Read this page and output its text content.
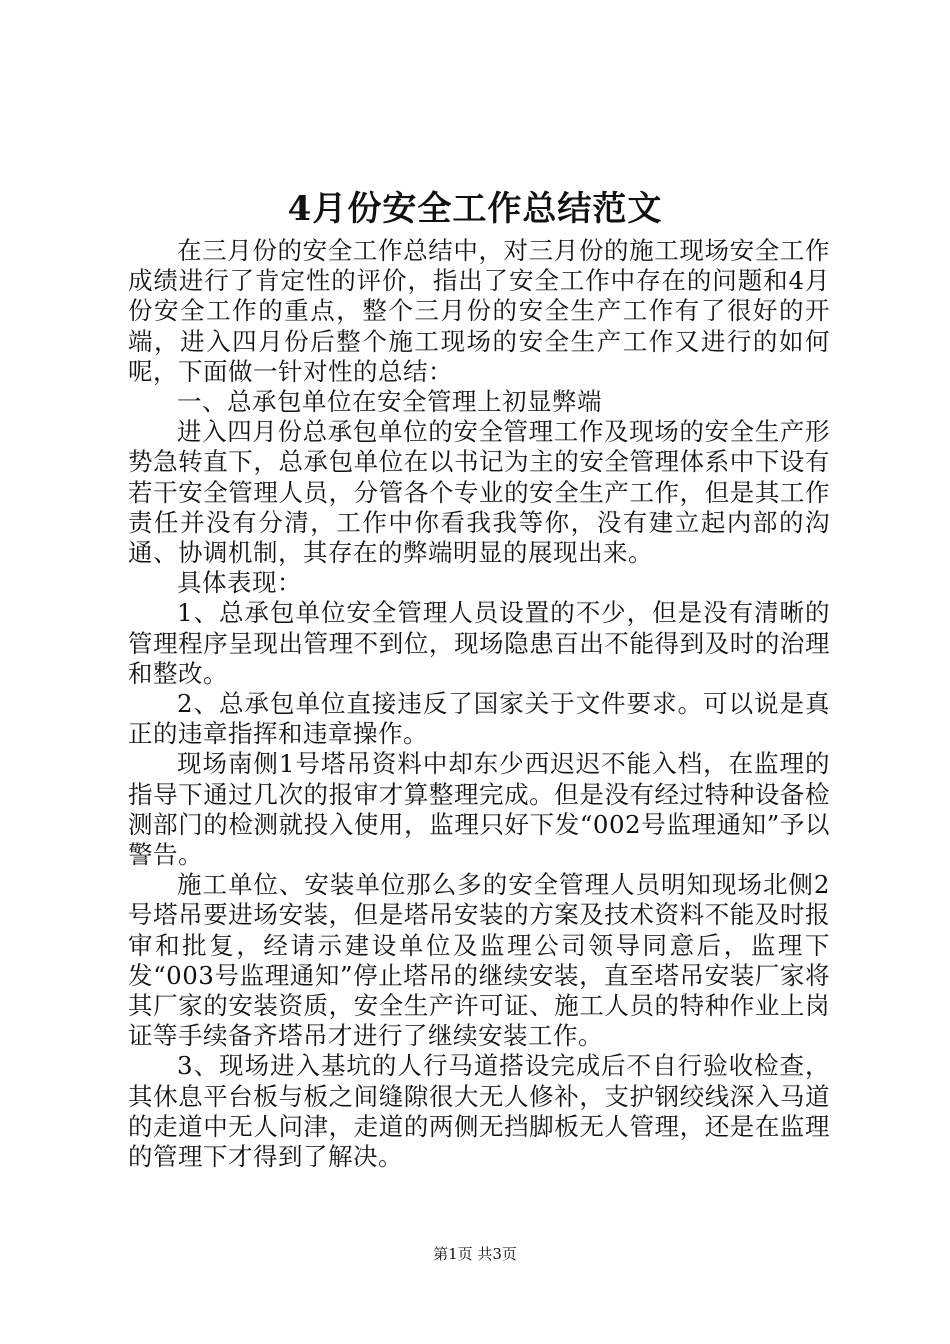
4月份安全工作总结范文

在三月份的安全工作总结中，对三月份的施工现场安全工作成绩进行了肯定性的评价，指出了安全工作中存在的问题和4月份安全工作的重点，整个三月份的安全生产工作有了很好的开端，进入四月份后整个施工现场的安全生产工作又进行的如何呢，下面做一针对性的总结：

一、总承包单位在安全管理上初显弊端

进入四月份总承包单位的安全管理工作及现场的安全生产形势急转直下，总承包单位在以书记为主的安全管理体系中下设有若干安全管理人员，分管各个专业的安全生产工作，但是其工作责任并没有分清，工作中你看我我等你，没有建立起内部的沟通、协调机制，其存在的弊端明显的展现出来。

具体表现：

1、总承包单位安全管理人员设置的不少，但是没有清晰的管理程序呈现出管理不到位，现场隐患百出不能得到及时的治理和整改。

2、总承包单位直接违反了国家关于文件要求。可以说是真正的违章指挥和违章操作。

现场南侧1号塔吊资料中却东少西迟迟不能入档，在监理的指导下通过几次的报审才算整理完成。但是没有经过特种设备检测部门的检测就投入使用，监理只好下发“002号监理通知”予以警告。

施工单位、安装单位那么多的安全管理人员明知现场北侧2号塔吊要进场安装，但是塔吊安装的方案及技术资料不能及时报审和批复，经请示建设单位及监理公司领导同意后，监理下发“003号监理通知”停止塔吊的继续安装，直至塔吊安装厂家将其厂家的安装资质，安全生产许可证、施工人员的特种作业上岗证等手续备齐塔吊才进行了继续安装工作。

3、现场进入基坑的人行马道搭设完成后不自行验收检查，其休息平台板与板之间缝隙很大无人修补，支护钢绞线深入马道的走道中无人问津，走道的两侧无挡脚板无人管理，还是在监理的管理下才得到了解决。

第1页 共3页
